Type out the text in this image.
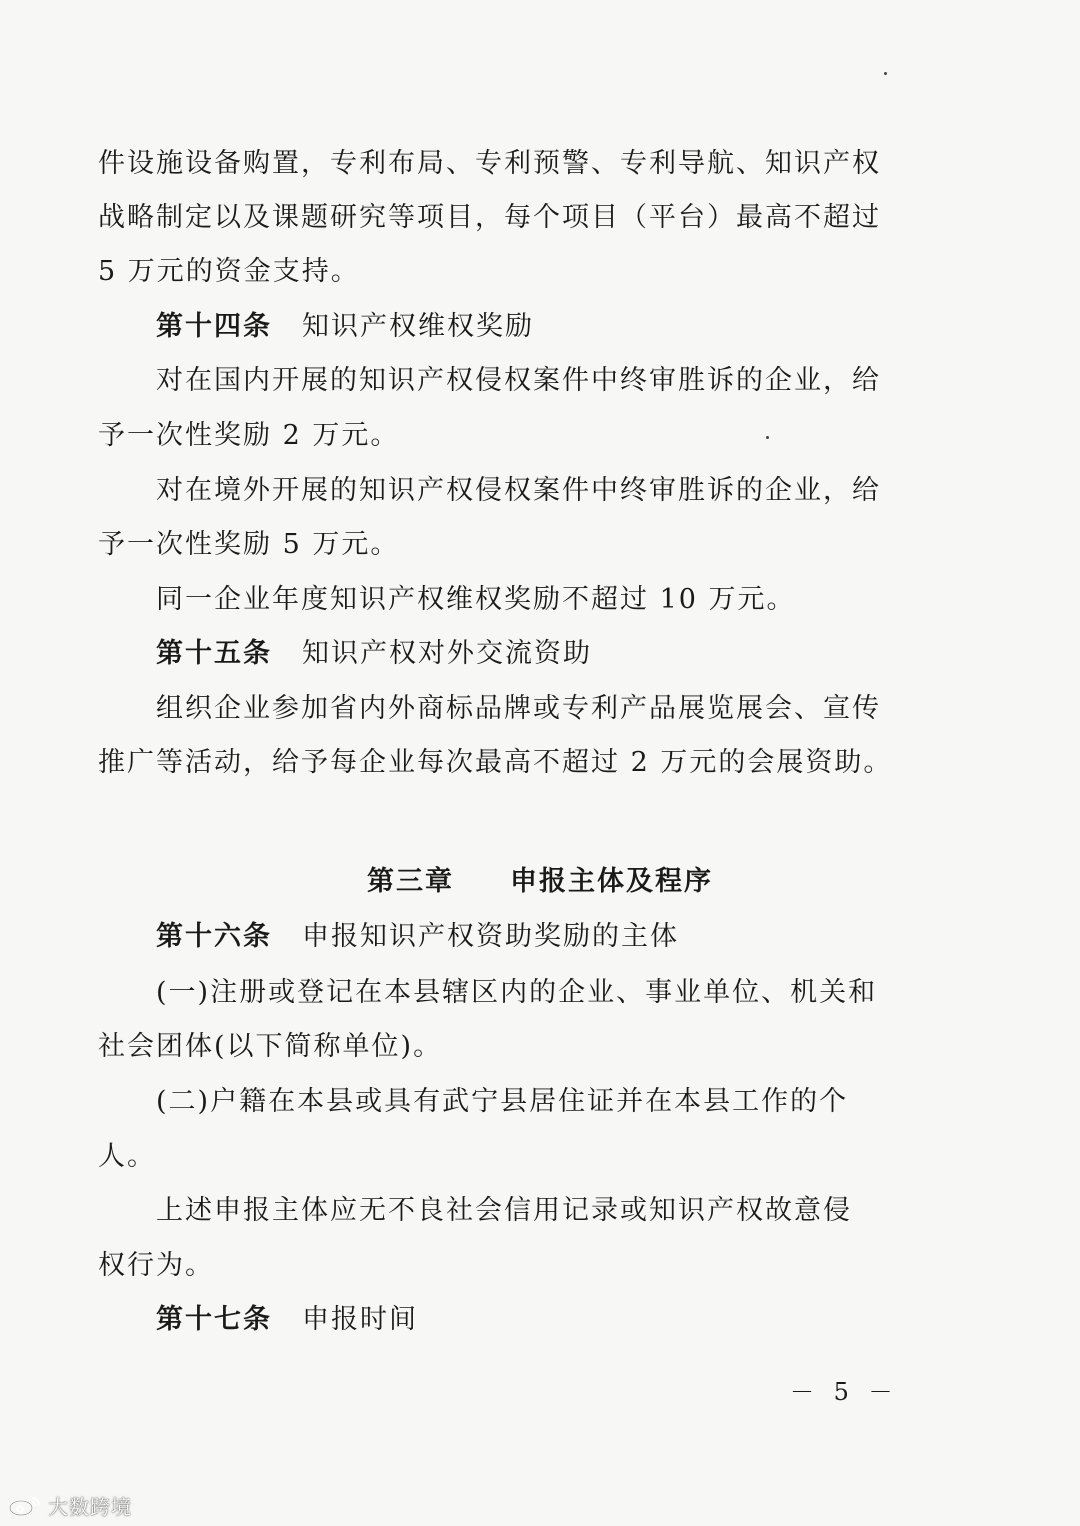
件设施设备购置，专利布局、专利预警、专利导航、知识产权
战略制定以及课题研究等项目，每个项目（平台）最高不超过
5 万元的资金支持。
第十四条 知识产权维权奖励
对在国内开展的知识产权侵权案件中终审胜诉的企业，给
予一次性奖励 2 万元。
对在境外开展的知识产权侵权案件中终审胜诉的企业，给
予一次性奖励 5 万元。
同一企业年度知识产权维权奖励不超过 10 万元。
第十五条 知识产权对外交流资助
组织企业参加省内外商标品牌或专利产品展览展会、宣传
推广等活动，给予每企业每次最高不超过 2 万元的会展资助。
第三章 申报主体及程序
第十六条 申报知识产权资助奖励的主体
(一)注册或登记在本县辖区内的企业、事业单位、机关和
社会团体(以下简称单位)。
(二)户籍在本县或具有武宁县居住证并在本县工作的个
人。
上述申报主体应无不良社会信用记录或知识产权故意侵
权行为。
第十七条 申报时间
－ 5 －
大数跨境
